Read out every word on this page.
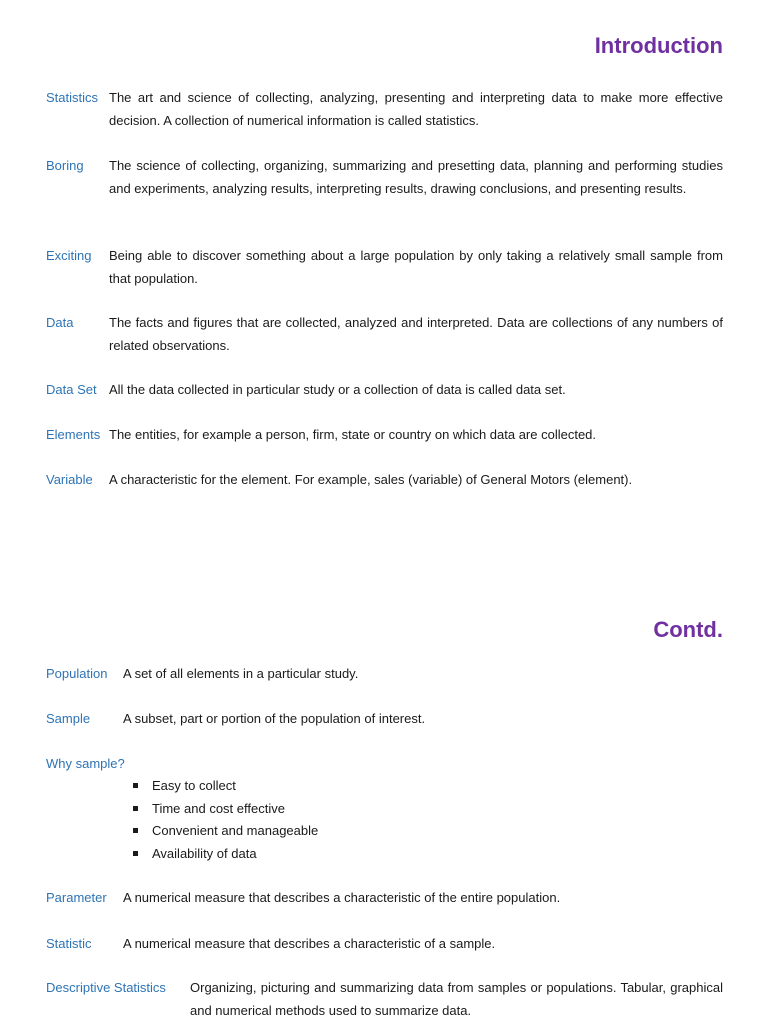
Introduction
Statistics The art and science of collecting, analyzing, presenting and interpreting data to make more effective decision. A collection of numerical information is called statistics.
Boring The science of collecting, organizing, summarizing and presetting data, planning and performing studies and experiments, analyzing results, interpreting results, drawing conclusions, and presenting results.
Exciting Being able to discover something about a large population by only taking a relatively small sample from that population.
Data	The facts and figures that are collected, analyzed and interpreted. Data are collections of any numbers of related observations.
Data Set All the data collected in particular study or a collection of data is called data set.
Elements The entities, for example a person, firm, state or country on which data are collected.
Variable A characteristic for the element. For example, sales (variable) of General Motors (element).
Contd.
Population A set of all elements in a particular study.
Sample	A subset, part or portion of the population of interest.
Why sample?
Easy to collect
Time and cost effective
Convenient and manageable
Availability of data
Parameter A numerical measure that describes a characteristic of the entire population.
Statistic A numerical measure that describes a characteristic of a sample.
Descriptive Statistics Organizing, picturing and summarizing data from samples or populations. Tabular, graphical and numerical methods used to summarize data.
